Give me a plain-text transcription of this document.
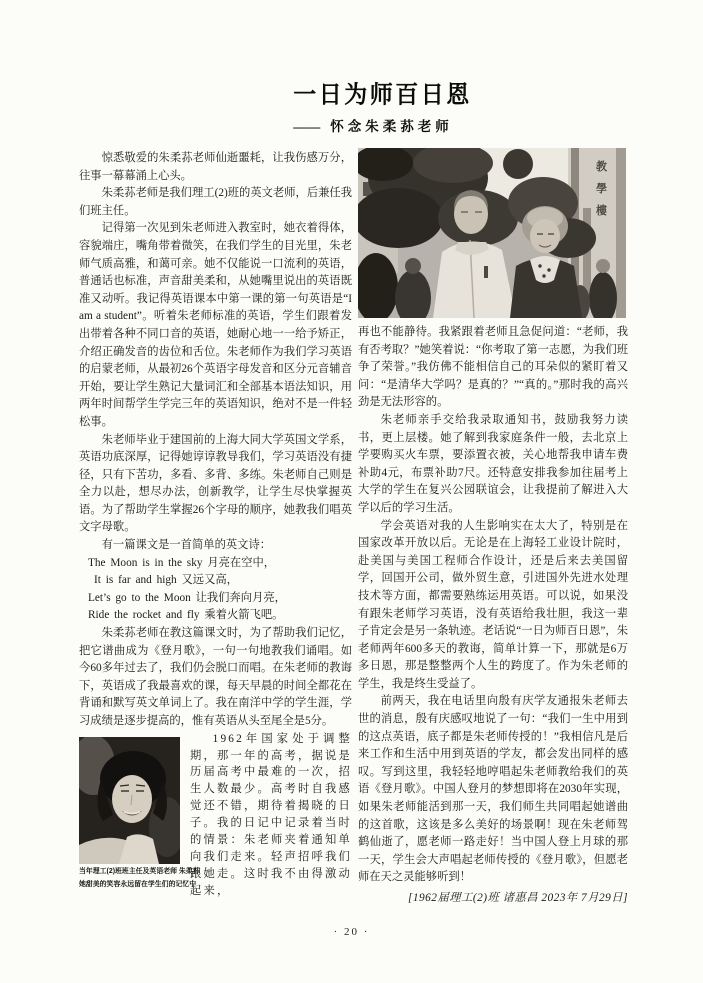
一日为师百日恩
—— 怀念朱柔荪老师
教
學
樓

惊悉敬爱的朱柔荪老师仙逝噩耗，让我伤感万分，往事一幕幕涌上心头。

朱柔荪老师是我们理工(2)班的英文老师，后兼任我们班主任。

记得第一次见到朱老师进入教室时，她衣着得体，容貌端庄，嘴角带着微笑，在我们学生的目光里，朱老师气质高雅，和蔼可亲。她不仅能说一口流利的英语，普通话也标准，声音甜美柔和，从她嘴里说出的英语既准又动听。我记得英语课本中第一课的第一句英语是“I am a student”。听着朱老师标准的英语，学生们跟着发出带着各种不同口音的英语，她耐心地一一给予矫正，介绍正确发音的齿位和舌位。朱老师作为我们学习英语的启蒙老师，从最初26个英语字母发音和区分元音辅音开始，要让学生熟记大量词汇和全部基本语法知识，用两年时间帮学生学完三年的英语知识，绝对不是一件轻松事。

朱老师毕业于建国前的上海大同大学英国文学系，英语功底深厚，记得她谆谆教导我们，学习英语没有捷径，只有下苦功，多看、多背、多练。朱老师自己则是全力以赴，想尽办法，创新教学，让学生尽快掌握英语。为了帮助学生掌握26个字母的顺序，她教我们唱英文字母歌。

有一篇课文是一首简单的英文诗：

The Moon is in the sky 月亮在空中，

It is far and high 又远又高，

Let’s go to the Moon 让我们奔向月亮，

Ride the rocket and fly 乘着火箭飞吧。

朱柔荪老师在教这篇课文时，为了帮助我们记忆，把它谱曲成为《登月歌》，一句一句地教我们诵唱。如今60多年过去了，我们仍会脱口而唱。在朱老师的教诲下，英语成了我最喜欢的课，每天早晨的时间全都花在背诵和默写英文单词上了。我在南洋中学的学生涯，学习成绩是逐步提高的，惟有英语从头至尾全是5分。

当年理工(2)班班主任及英语老师 朱柔荪
她甜美的笑容永远留在学生们的记忆中

1962年国家处于调整期，那一年的高考，据说是历届高考中最难的一次，招生人数最少。高考时自我感觉还不错，期待着揭晓的日子。我的日记中记录着当时的情景：朱老师夹着通知单向我们走来。轻声招呼我们跟她走。这时我不由得激动起来，

再也不能静待。我紧跟着老师且急促问道：“老师，我有否考取？”她笑着说：“你考取了第一志愿，为我们班争了荣誉。”我仿佛不能相信自己的耳朵似的紧盯着又问：“是清华大学吗？是真的？”“真的。”那时我的高兴劲是无法形容的。

朱老师亲手交给我录取通知书，鼓励我努力读书，更上层楼。她了解到我家庭条件一般，去北京上学要购买火车票，要添置衣被，关心地帮我申请车费补助4元，布票补助7尺。还特意安排我参加往届考上大学的学生在复兴公园联谊会，让我提前了解进入大学以后的学习生活。

学会英语对我的人生影响实在太大了，特别是在国家改革开放以后。无论是在上海轻工业设计院时，赴美国与美国工程师合作设计，还是后来去美国留学，回国开公司，做外贸生意，引进国外先进水处理技术等方面，都需要熟练运用英语。可以说，如果没有跟朱老师学习英语，没有英语给我壮胆，我这一辈子肯定会是另一条轨迹。老话说“一日为师百日恩”，朱老师两年600多天的教诲，简单计算一下，那就是6万多日恩，那是整整两个人生的跨度了。作为朱老师的学生，我是终生受益了。

前两天，我在电话里向殷有庆学友通报朱老师去世的消息，殷有庆感叹地说了一句：“我们一生中用到的这点英语，底子都是朱老师传授的！”我相信凡是后来工作和生活中用到英语的学友，都会发出同样的感叹。写到这里，我轻轻地哼唱起朱老师教给我们的英语《登月歌》。中国人登月的梦想即将在2030年实现，如果朱老师能活到那一天，我们师生共同唱起她谱曲的这首歌，这该是多么美好的场景啊！现在朱老师驾鹤仙逝了，愿老师一路走好！当中国人登上月球的那一天，学生会大声唱起老师传授的《登月歌》，但愿老师在天之灵能够听到！

[1962届理工(2)班 诸惠昌 2023年 7月29日]

· 20 ·
